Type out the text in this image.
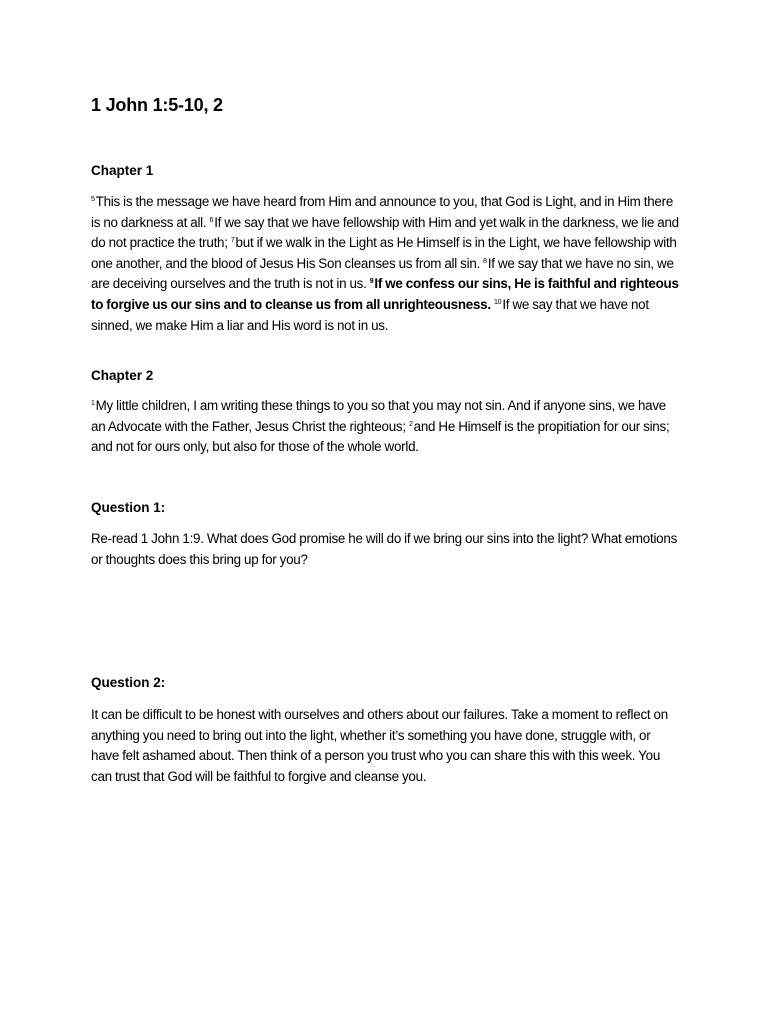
1 John 1:5-10, 2
Chapter 1

$^5$This is the message we have heard from Him and announce to you, that God is Light, and in Him there is no darkness at all. $^6$If we say that we have fellowship with Him and yet walk in the darkness, we lie and do not practice the truth; $^7$but if we walk in the Light as He Himself is in the Light, we have fellowship with one another, and the blood of Jesus His Son cleanses us from all sin. $^8$If we say that we have no sin, we are deceiving ourselves and the truth is not in us. $^9$If we confess our sins, He is faithful and righteous to forgive us our sins and to cleanse us from all unrighteousness. $^{10}$If we say that we have not sinned, we make Him a liar and His word is not in us.

Chapter 2

$^1$My little children, I am writing these things to you so that you may not sin. And if anyone sins, we have an Advocate with the Father, Jesus Christ the righteous; $^2$and He Himself is the propitiation for our sins; and not for ours only, but also for those of the whole world.

Question 1:

Re-read 1 John 1:9. What does God promise he will do if we bring our sins into the light? What emotions or thoughts does this bring up for you?

Question 2:

It can be difficult to be honest with ourselves and others about our failures. Take a moment to reflect on anything you need to bring out into the light, whether it’s something you have done, struggle with, or have felt ashamed about. Then think of a person you trust who you can share this with this week. You can trust that God will be faithful to forgive and cleanse you.
